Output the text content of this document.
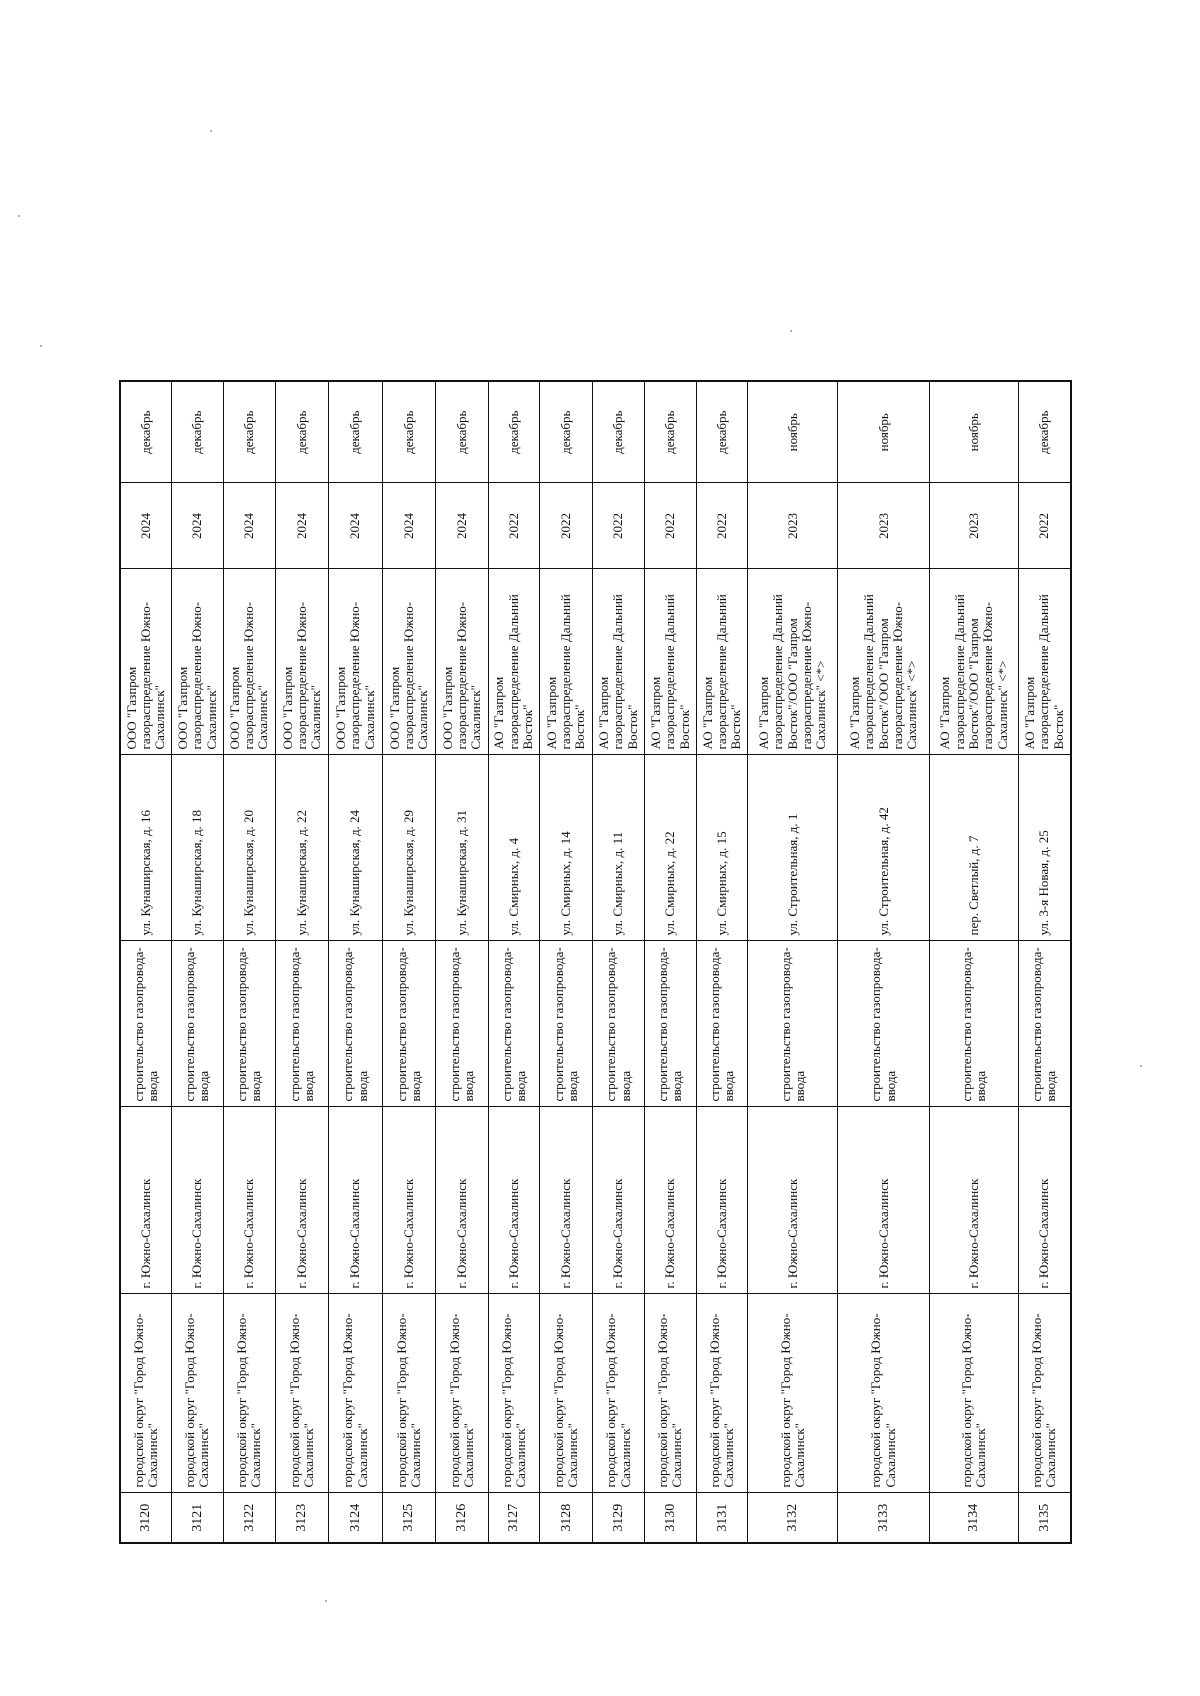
3120	городской округ "Город Южно-Сахалинск"	г. Южно-Сахалинск	строительство газопровода-ввода	ул. Кунаширская, д. 16	ООО "Газпром газораспределение Южно-Сахалинск"	2024	декабрь
3121	городской округ "Город Южно-Сахалинск"	г. Южно-Сахалинск	строительство газопровода-ввода	ул. Кунаширская, д. 18	ООО "Газпром газораспределение Южно-Сахалинск"	2024	декабрь
3122	городской округ "Город Южно-Сахалинск"	г. Южно-Сахалинск	строительство газопровода-ввода	ул. Кунаширская, д. 20	ООО "Газпром газораспределение Южно-Сахалинск"	2024	декабрь
3123	городской округ "Город Южно-Сахалинск"	г. Южно-Сахалинск	строительство газопровода-ввода	ул. Кунаширская, д. 22	ООО "Газпром газораспределение Южно-Сахалинск"	2024	декабрь
3124	городской округ "Город Южно-Сахалинск"	г. Южно-Сахалинск	строительство газопровода-ввода	ул. Кунаширская, д. 24	ООО "Газпром газораспределение Южно-Сахалинск"	2024	декабрь
3125	городской округ "Город Южно-Сахалинск"	г. Южно-Сахалинск	строительство газопровода-ввода	ул. Кунаширская, д. 29	ООО "Газпром газораспределение Южно-Сахалинск"	2024	декабрь
3126	городской округ "Город Южно-Сахалинск"	г. Южно-Сахалинск	строительство газопровода-ввода	ул. Кунаширская, д. 31	ООО "Газпром газораспределение Южно-Сахалинск"	2024	декабрь
3127	городской округ "Город Южно-Сахалинск"	г. Южно-Сахалинск	строительство газопровода-ввода	ул. Смирных, д. 4	АО "Газпром газораспределение Дальний Восток"	2022	декабрь
3128	городской округ "Город Южно-Сахалинск"	г. Южно-Сахалинск	строительство газопровода-ввода	ул. Смирных, д. 14	АО "Газпром газораспределение Дальний Восток"	2022	декабрь
3129	городской округ "Город Южно-Сахалинск"	г. Южно-Сахалинск	строительство газопровода-ввода	ул. Смирных, д. 11	АО "Газпром газораспределение Дальний Восток"	2022	декабрь
3130	городской округ "Город Южно-Сахалинск"	г. Южно-Сахалинск	строительство газопровода-ввода	ул. Смирных, д. 22	АО "Газпром газораспределение Дальний Восток"	2022	декабрь
3131	городской округ "Город Южно-Сахалинск"	г. Южно-Сахалинск	строительство газопровода-ввода	ул. Смирных, д. 15	АО "Газпром газораспределение Дальний Восток"	2022	декабрь
3132	городской округ "Город Южно-Сахалинск"	г. Южно-Сахалинск	строительство газопровода-ввода	ул. Строительная, д. 1	АО "Газпром газораспределение Дальний Восток"/ООО "Газпром газораспределение Южно-Сахалинск" <*>	2023	ноябрь
3133	городской округ "Город Южно-Сахалинск"	г. Южно-Сахалинск	строительство газопровода-ввода	ул. Строительная, д. 42	АО "Газпром газораспределение Дальний Восток"/ООО "Газпром газораспределение Южно-Сахалинск" <*>	2023	ноябрь
3134	городской округ "Город Южно-Сахалинск"	г. Южно-Сахалинск	строительство газопровода-ввода	пер. Светлый, д. 7	АО "Газпром газораспределение Дальний Восток"/ООО "Газпром газораспределение Южно-Сахалинск" <*>	2023	ноябрь
3135	городской округ "Город Южно-Сахалинск"	г. Южно-Сахалинск	строительство газопровода-ввода	ул. 3-я Новая, д. 25	АО "Газпром газораспределение Дальний Восток"	2022	декабрь
